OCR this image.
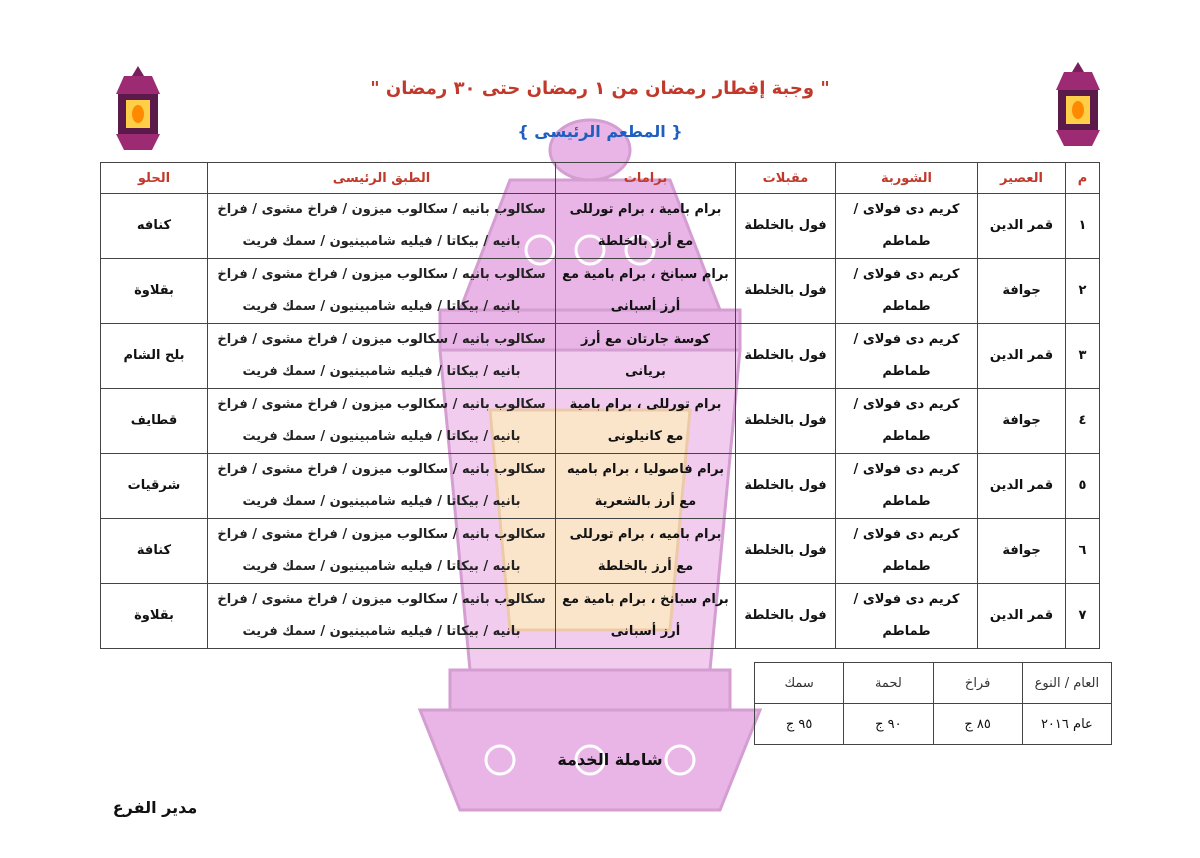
" وجبة إفطار رمضان من ١ رمضان حتى ٣٠ رمضان "
{ المطعم الرئيسى }
م	العصير	الشوربة	مقبلات	برامات	الطبق الرئيسى	الحلو
١	قمر الدين	كريم دى فولاى / طماطم	فول بالخلطة	برام بامية ، برام تورللى مع أرز بالخلطة	سكالوب بانيه / سكالوب ميزون / فراخ مشوى / فراخ بانيه / بيكاتا / فيليه شامبينيون / سمك فريت	كنافه
٢	جوافة	كريم دى فولاى / طماطم	فول بالخلطة	برام سبانخ ، برام بامية مع أرز أسبانى	سكالوب بانيه / سكالوب ميزون / فراخ مشوى / فراخ بانيه / بيكاتا / فيليه شامبينيون / سمك فريت	بقلاوة
٣	قمر الدين	كريم دى فولاى / طماطم	فول بالخلطة	كوسة جارتان مع أرز بريانى	سكالوب بانيه / سكالوب ميزون / فراخ مشوى / فراخ بانيه / بيكاتا / فيليه شامبينيون / سمك فريت	بلح الشام
٤	جوافة	كريم دى فولاى / طماطم	فول بالخلطة	برام تورللى ، برام بامية مع كانيلونى	سكالوب بانيه / سكالوب ميزون / فراخ مشوى / فراخ بانيه / بيكاتا / فيليه شامبينيون / سمك فريت	قطايف
٥	قمر الدين	كريم دى فولاى / طماطم	فول بالخلطة	برام فاصوليا ، برام باميه مع أرز بالشعرية	سكالوب بانيه / سكالوب ميزون / فراخ مشوى / فراخ بانيه / بيكاتا / فيليه شامبينيون / سمك فريت	شرقيات
٦	جوافة	كريم دى فولاى / طماطم	فول بالخلطة	برام باميه ، برام تورللى مع أرز بالخلطة	سكالوب بانيه / سكالوب ميزون / فراخ مشوى / فراخ بانيه / بيكاتا / فيليه شامبينيون / سمك فريت	كنافة
٧	قمر الدين	كريم دى فولاى / طماطم	فول بالخلطة	برام سبانخ ، برام بامية مع أرز أسبانى	سكالوب بانيه / سكالوب ميزون / فراخ مشوى / فراخ بانيه / بيكاتا / فيليه شامبينيون / سمك فريت	بقلاوة
العام / النوع	فراخ	لحمة	سمك
عام ٢٠١٦	٨٥ ج	٩٠ ج	٩٥ ج
شاملة الخدمة
مدير الفرع
